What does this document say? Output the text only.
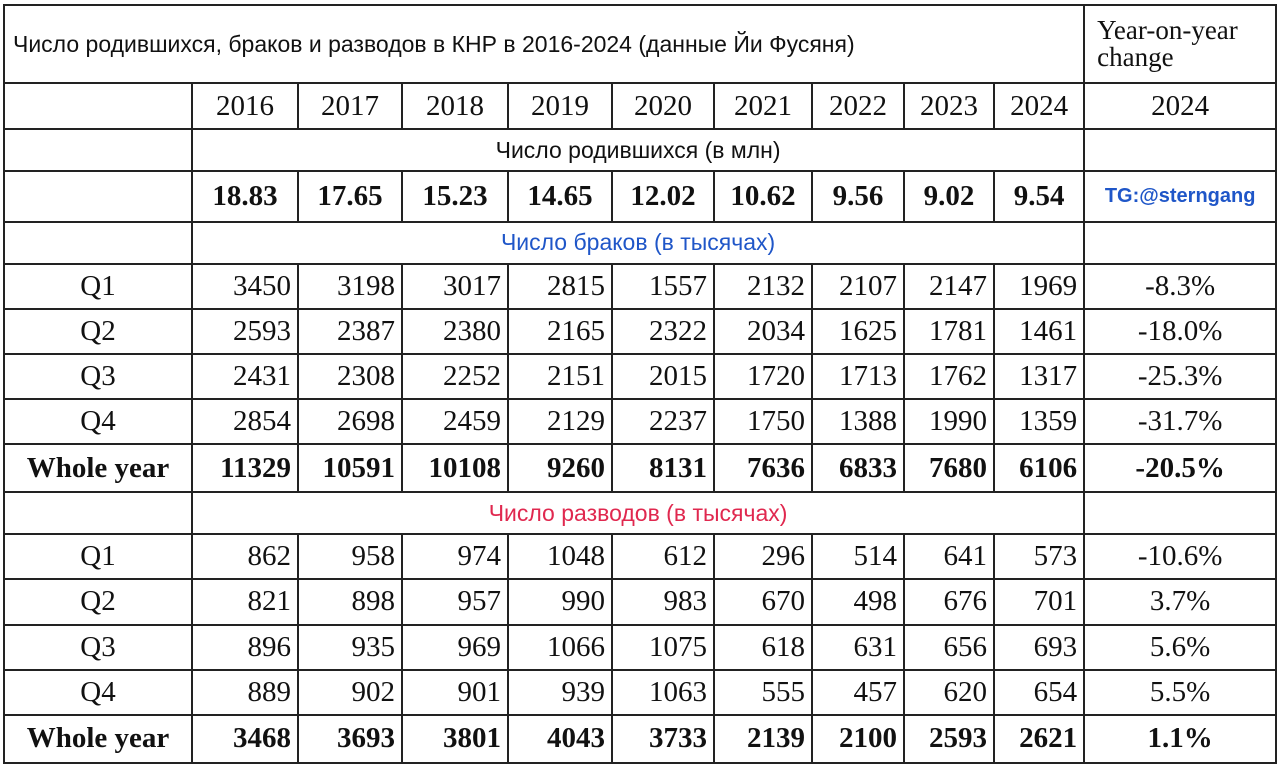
Число родившихся, браков и разводов в КНР в 2016-2024 (данные Йи Фусяня)										Year-on-year change
	2016	2017	2018	2019	2020	2021	2022	2023	2024	2024
	Число родившихся (в млн)									
	18.83	17.65	15.23	14.65	12.02	10.62	9.56	9.02	9.54	TG:@sterngang
	Число браков (в тысячах)									
Q1	3450	3198	3017	2815	1557	2132	2107	2147	1969	-8.3%
Q2	2593	2387	2380	2165	2322	2034	1625	1781	1461	-18.0%
Q3	2431	2308	2252	2151	2015	1720	1713	1762	1317	-25.3%
Q4	2854	2698	2459	2129	2237	1750	1388	1990	1359	-31.7%
Whole year	11329	10591	10108	9260	8131	7636	6833	7680	6106	-20.5%
	Число разводов (в тысячах)									
Q1	862	958	974	1048	612	296	514	641	573	-10.6%
Q2	821	898	957	990	983	670	498	676	701	3.7%
Q3	896	935	969	1066	1075	618	631	656	693	5.6%
Q4	889	902	901	939	1063	555	457	620	654	5.5%
Whole year	3468	3693	3801	4043	3733	2139	2100	2593	2621	1.1%
